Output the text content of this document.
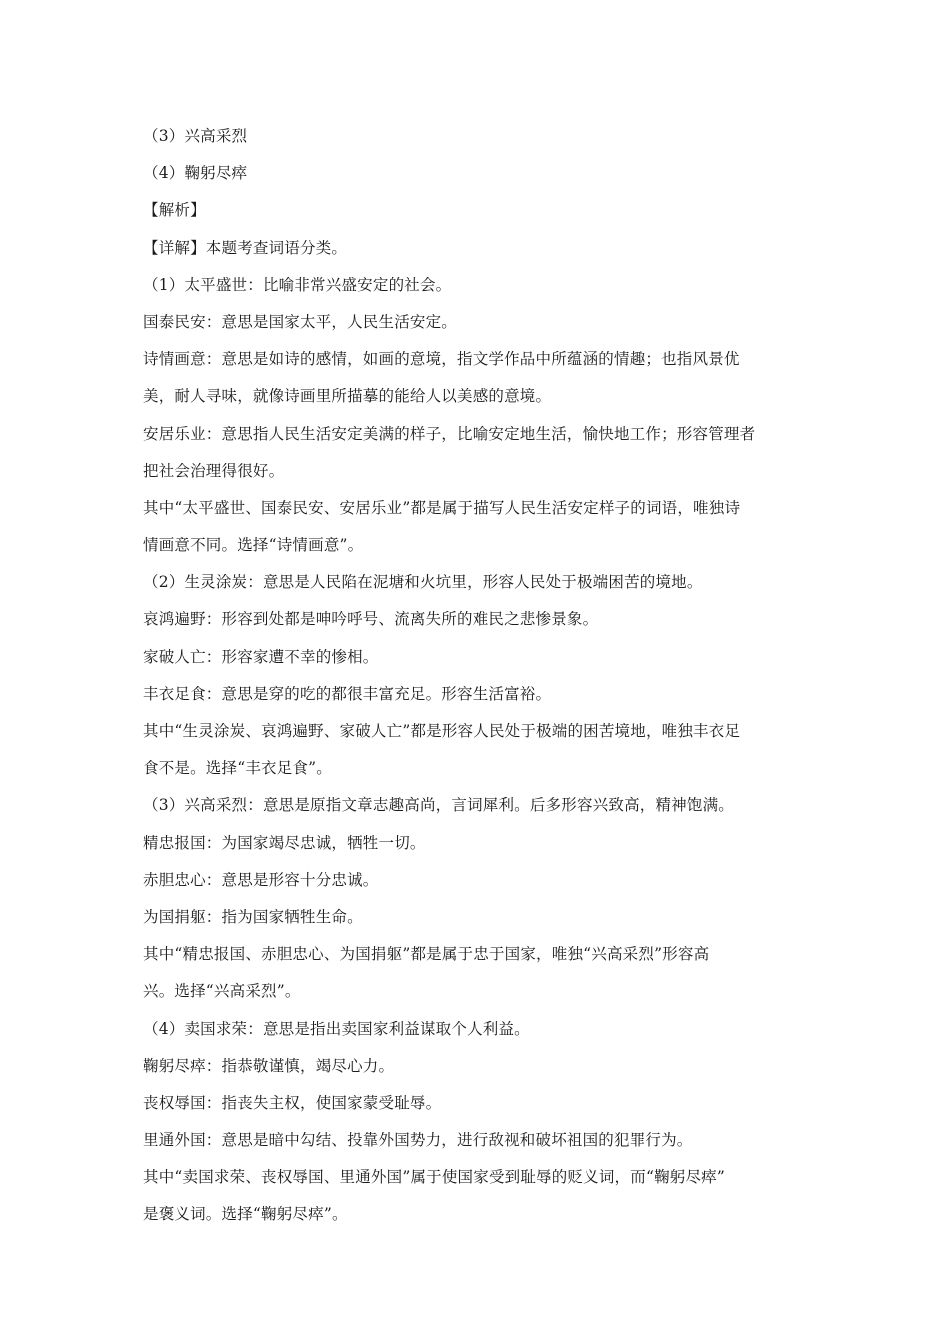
（3）兴高采烈
（4）鞠躬尽瘁
【解析】
【详解】本题考查词语分类。
（1）太平盛世：比喻非常兴盛安定的社会。
国泰民安：意思是国家太平，人民生活安定。
诗情画意：意思是如诗的感情，如画的意境，指文学作品中所蕴涵的情趣；也指风景优
美，耐人寻味，就像诗画里所描摹的能给人以美感的意境。
安居乐业：意思指人民生活安定美满的样子，比喻安定地生活，愉快地工作；形容管理者
把社会治理得很好。
其中“太平盛世、国泰民安、安居乐业”都是属于描写人民生活安定样子的词语，唯独诗
情画意不同。选择“诗情画意”。
（2）生灵涂炭：意思是人民陷在泥塘和火坑里，形容人民处于极端困苦的境地。
哀鸿遍野：形容到处都是呻吟呼号、流离失所的难民之悲惨景象。
家破人亡：形容家遭不幸的惨相。
丰衣足食：意思是穿的吃的都很丰富充足。形容生活富裕。
其中“生灵涂炭、哀鸿遍野、家破人亡”都是形容人民处于极端的困苦境地，唯独丰衣足
食不是。选择“丰衣足食”。
（3）兴高采烈：意思是原指文章志趣高尚，言词犀利。后多形容兴致高，精神饱满。
精忠报国：为国家竭尽忠诚，牺牲一切。
赤胆忠心：意思是形容十分忠诚。
为国捐躯：指为国家牺牲生命。
其中“精忠报国、赤胆忠心、为国捐躯”都是属于忠于国家，唯独“兴高采烈”形容高
兴。选择“兴高采烈”。
（4）卖国求荣：意思是指出卖国家利益谋取个人利益。
鞠躬尽瘁：指恭敬谨慎，竭尽心力。
丧权辱国：指丧失主权，使国家蒙受耻辱。
里通外国：意思是暗中勾结、投靠外国势力，进行敌视和破坏祖国的犯罪行为。
其中“卖国求荣、丧权辱国、里通外国”属于使国家受到耻辱的贬义词，而“鞠躬尽瘁”
是褒义词。选择“鞠躬尽瘁”。
